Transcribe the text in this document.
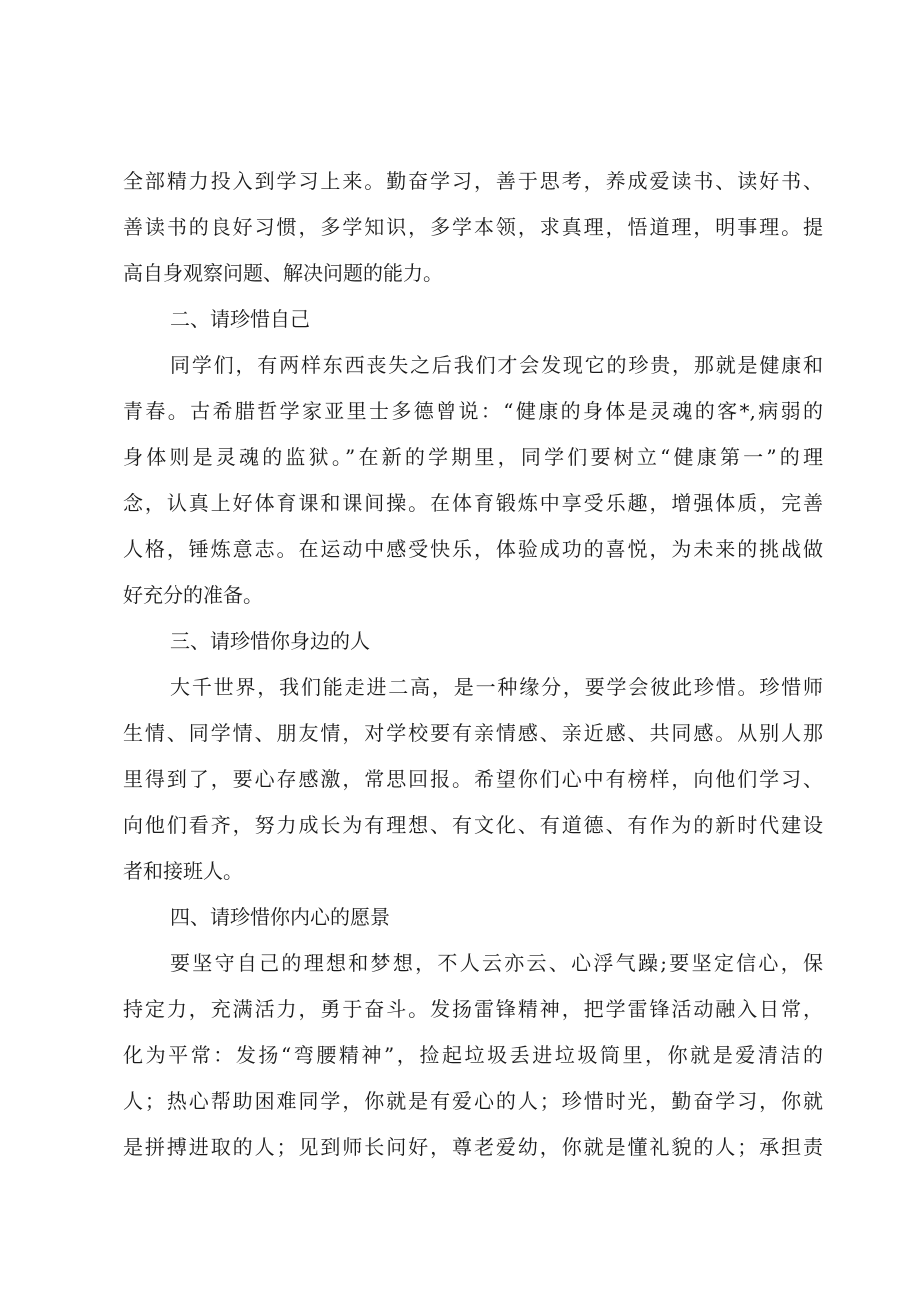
全部精力投入到学习上来。勤奋学习，善于思考，养成爱读书、读好书、

善读书的良好习惯，多学知识，多学本领，求真理，悟道理，明事理。提

高自身观察问题、解决问题的能力。

二、请珍惜自己

同学们，有两样东西丧失之后我们才会发现它的珍贵，那就是健康和

青春。古希腊哲学家亚里士多德曾说：“健康的身体是灵魂的客*,病弱的

身体则是灵魂的监狱。”在新的学期里，同学们要树立“健康第一”的理

念，认真上好体育课和课间操。在体育锻炼中享受乐趣，增强体质，完善

人格，锤炼意志。在运动中感受快乐，体验成功的喜悦，为未来的挑战做

好充分的准备。

三、请珍惜你身边的人

大千世界，我们能走进二高，是一种缘分，要学会彼此珍惜。珍惜师

生情、同学情、朋友情，对学校要有亲情感、亲近感、共同感。从别人那

里得到了，要心存感激，常思回报。希望你们心中有榜样，向他们学习、

向他们看齐，努力成长为有理想、有文化、有道德、有作为的新时代建设

者和接班人。

四、请珍惜你内心的愿景

要坚守自己的理想和梦想，不人云亦云、心浮气躁;要坚定信心，保

持定力，充满活力，勇于奋斗。发扬雷锋精神，把学雷锋活动融入日常，

化为平常：发扬“弯腰精神”，捡起垃圾丢进垃圾筒里，你就是爱清洁的

人；热心帮助困难同学，你就是有爱心的人；珍惜时光，勤奋学习，你就

是拼搏进取的人；见到师长问好，尊老爱幼，你就是懂礼貌的人；承担责
